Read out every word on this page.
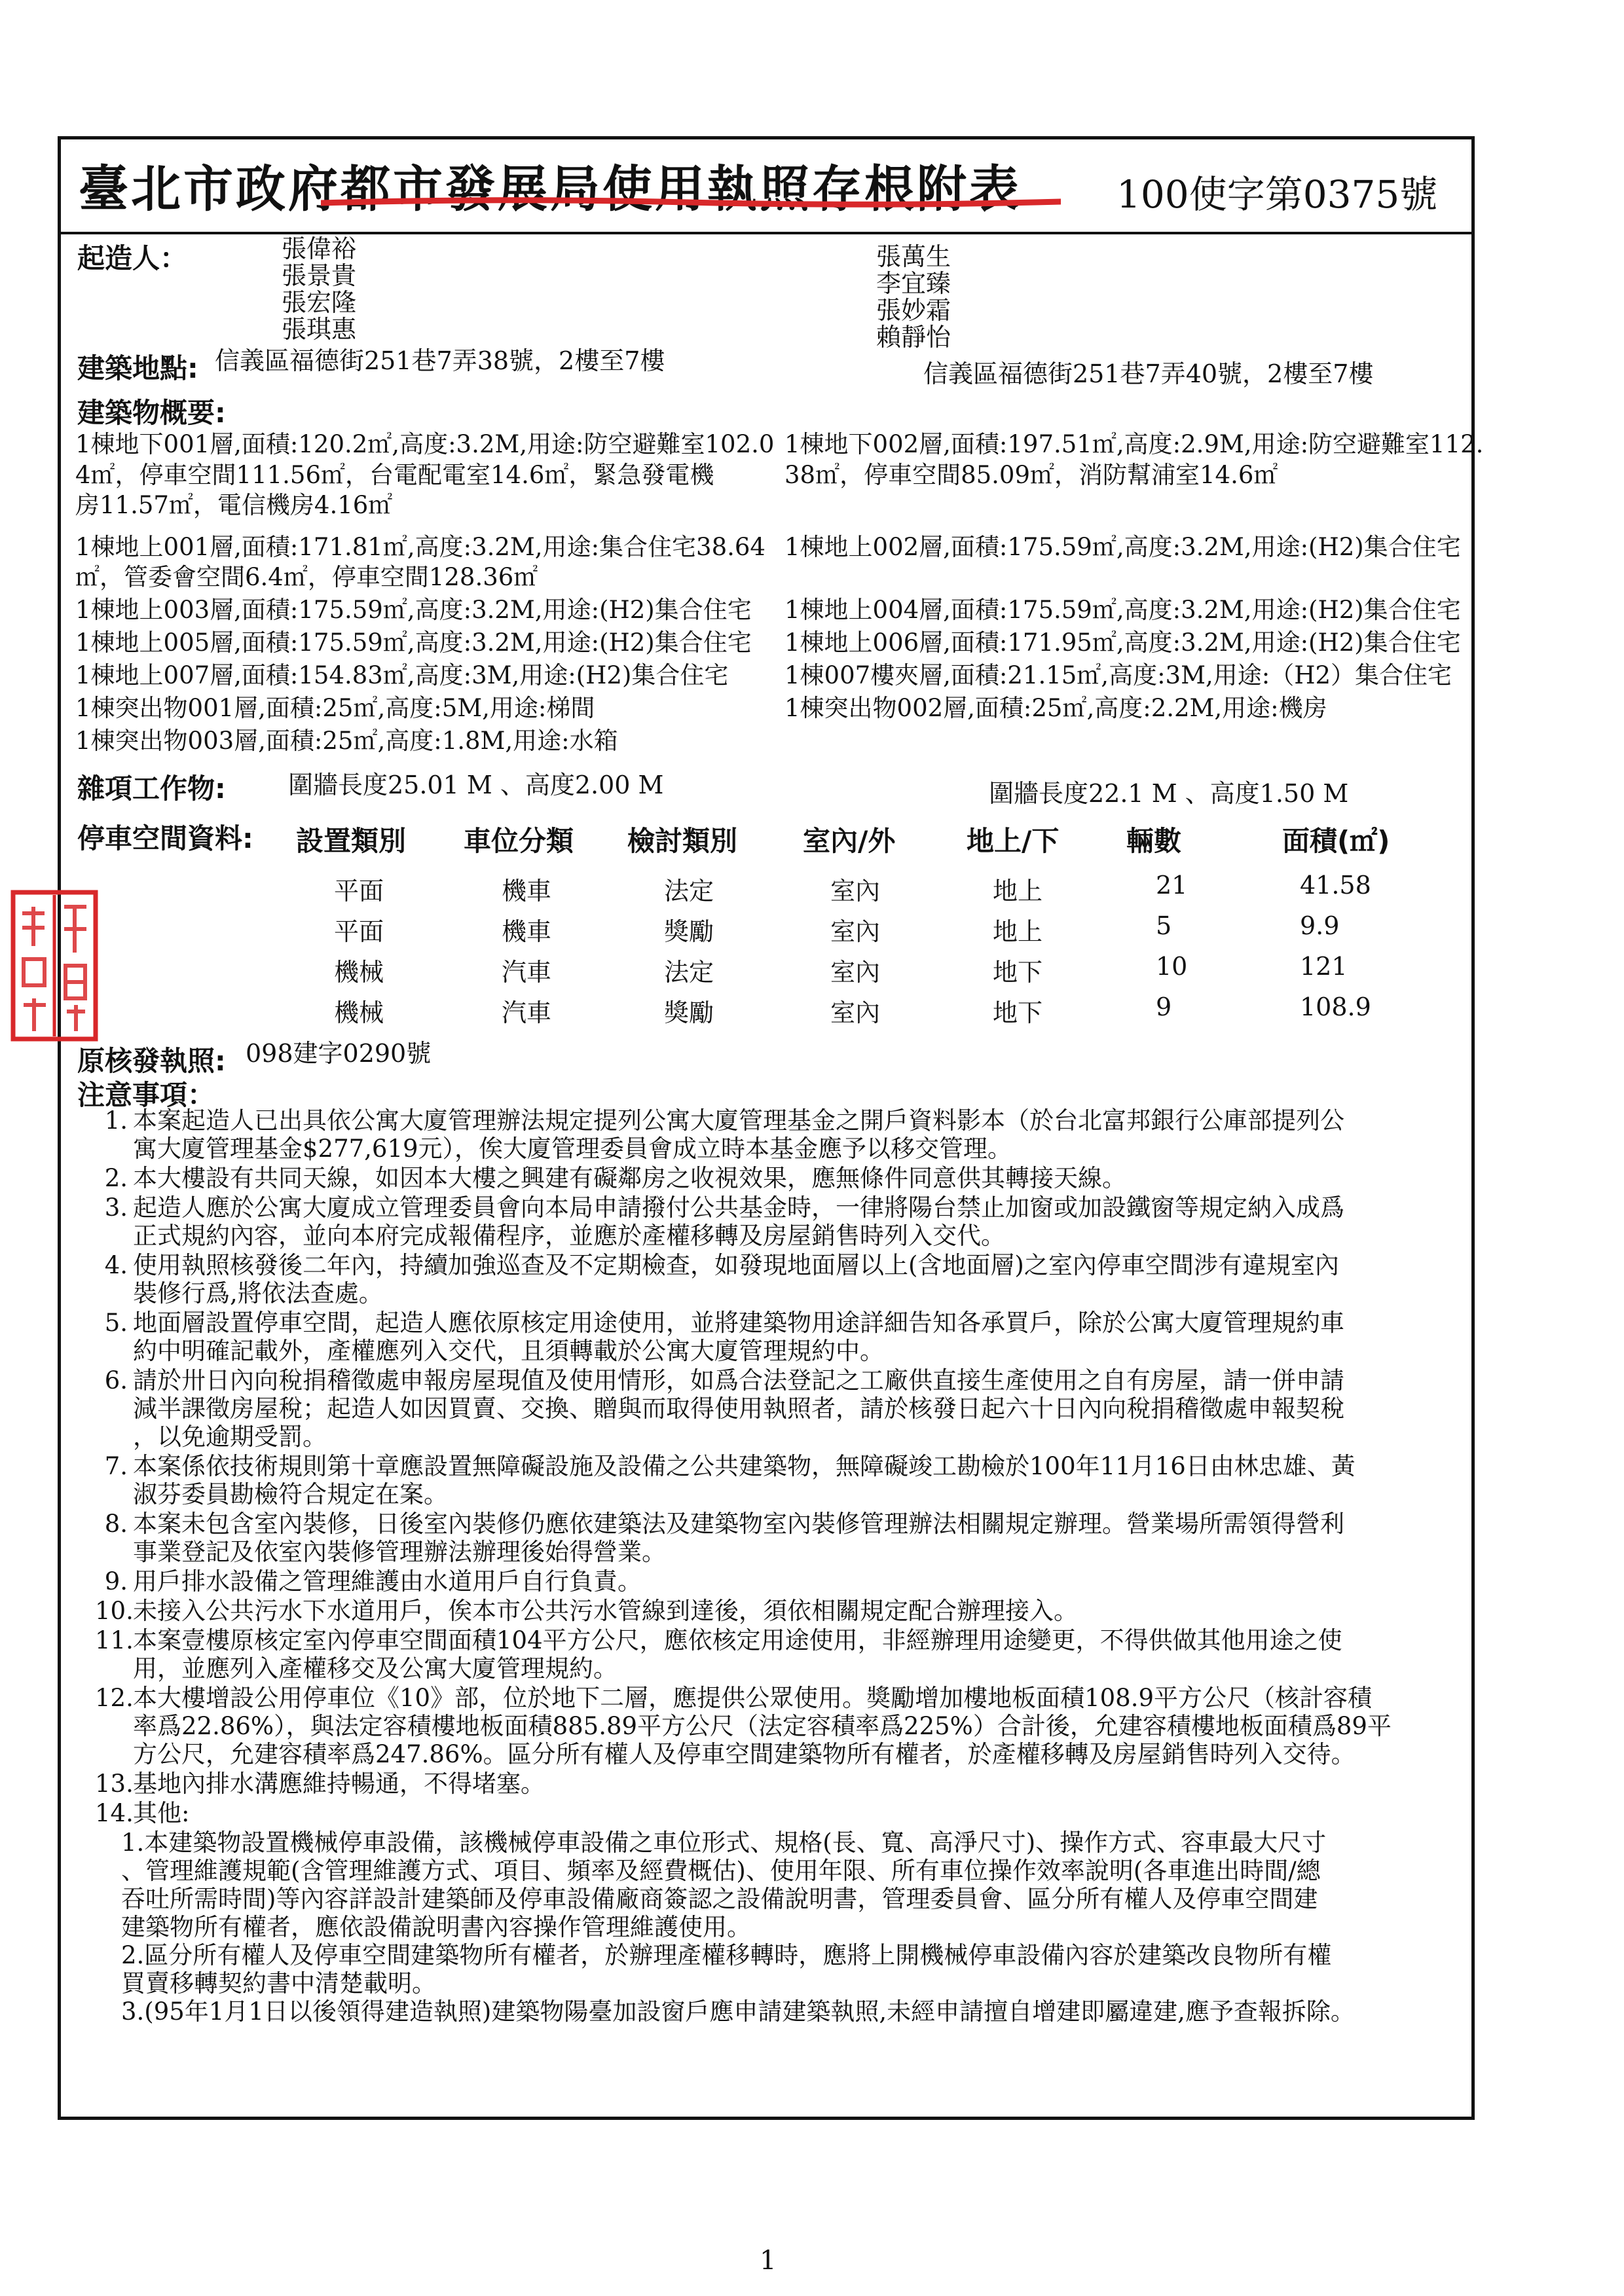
臺北市政府都市發展局使用執照存根附表	100使字第0375號
起造人：	張偉裕
張景貴
張宏隆
張琪惠
張萬生
李宜臻
張妙霜
賴靜怡
建築地點: 信義區福德街251巷7弄38號，2樓至7樓	信義區福德街251巷7弄40號，2樓至7樓
建築物概要:
1棟地下001層,面積:120.2㎡,高度:3.2M,用途:防空避難室102.0
4㎡，停車空間111.56㎡，台電配電室14.6㎡，緊急發電機
房11.57㎡，電信機房4.16㎡
1棟地上001層,面積:171.81㎡,高度:3.2M,用途:集合住宅38.64
㎡，管委會空間6.4㎡，停車空間128.36㎡
1棟地上003層,面積:175.59㎡,高度:3.2M,用途:(H2)集合住宅
1棟地上005層,面積:175.59㎡,高度:3.2M,用途:(H2)集合住宅
1棟地上007層,面積:154.83㎡,高度:3M,用途:(H2)集合住宅
1棟突出物001層,面積:25㎡,高度:5M,用途:梯間
1棟突出物003層,面積:25㎡,高度:1.8M,用途:水箱
1棟地下002層,面積:197.51㎡,高度:2.9M,用途:防空避難室112.
38㎡，停車空間85.09㎡，消防幫浦室14.6㎡
1棟地上002層,面積:175.59㎡,高度:3.2M,用途:(H2)集合住宅
1棟地上004層,面積:175.59㎡,高度:3.2M,用途:(H2)集合住宅
1棟地上006層,面積:171.95㎡,高度:3.2M,用途:(H2)集合住宅
1棟007樓夾層,面積:21.15㎡,高度:3M,用途:（H2）集合住宅
1棟突出物002層,面積:25㎡,高度:2.2M,用途:機房
雜項工作物:	圍牆長度25.01 M 、高度2.00 M	圍牆長度22.1 M 、高度1.50 M
停車空間資料: 設置類別 車位分類 檢討類別 室內/外	地上/下 輛數	面積(㎡)
平面	機車	法定	室內	地上	21	41.58
平面	機車	獎勵	室內	地上	5	9.9
機械	汽車	法定	室內	地下	10	121
機械	汽車	獎勵	室內	地下	9	108.9
原核發執照: 098建字0290號
注意事項：
1. 本案起造人已出具依公寓大廈管理辦法規定提列公寓大廈管理基金之開戶資料影本（於台北富邦銀行公庫部提列公
寓大廈管理基金$277,619元），俟大廈管理委員會成立時本基金應予以移交管理。
2. 本大樓設有共同天線，如因本大樓之興建有礙鄰房之收視效果，應無條件同意供其轉接天線。
3. 起造人應於公寓大廈成立管理委員會向本局申請撥付公共基金時，一律將陽台禁止加窗或加設鐵窗等規定納入成爲
正式規約內容，並向本府完成報備程序，並應於產權移轉及房屋銷售時列入交代。
4. 使用執照核發後二年內，持續加強巡查及不定期檢查，如發現地面層以上(含地面層)之室內停車空間涉有違規室內
裝修行爲,將依法查處。
5. 地面層設置停車空間，起造人應依原核定用途使用，並將建築物用途詳細告知各承買戶，除於公寓大廈管理規約車
約中明確記載外，產權應列入交代，且須轉載於公寓大廈管理規約中。
6. 請於卅日內向稅捐稽徵處申報房屋現值及使用情形，如爲合法登記之工廠供直接生產使用之自有房屋，請一併申請
減半課徵房屋稅；起造人如因買賣、交換、贈與而取得使用執照者，請於核發日起六十日內向稅捐稽徵處申報契稅
，以免逾期受罰。
7. 本案係依技術規則第十章應設置無障礙設施及設備之公共建築物，無障礙竣工勘檢於100年11月16日由林忠雄、黃
淑芬委員勘檢符合規定在案。
8. 本案未包含室內裝修，日後室內裝修仍應依建築法及建築物室內裝修管理辦法相關規定辦理。營業場所需領得營利
事業登記及依室內裝修管理辦法辦理後始得營業。
9. 用戶排水設備之管理維護由水道用戶自行負責。
10. 未接入公共污水下水道用戶，俟本市公共污水管線到達後，須依相關規定配合辦理接入。
11. 本案壹樓原核定室內停車空間面積104平方公尺，應依核定用途使用，非經辦理用途變更，不得供做其他用途之使
用，並應列入產權移交及公寓大廈管理規約。
12. 本大樓增設公用停車位《10》部，位於地下二層，應提供公眾使用。獎勵增加樓地板面積108.9平方公尺（核計容積
率爲22.86%），與法定容積樓地板面積885.89平方公尺（法定容積率爲225%）合計後，允建容積樓地板面積爲89平
方公尺，允建容積率爲247.86%。區分所有權人及停車空間建築物所有權者，於產權移轉及房屋銷售時列入交待。
13. 基地內排水溝應維持暢通，不得堵塞。
14. 其他:
1.本建築物設置機械停車設備，該機械停車設備之車位形式、規格(長、寬、高淨尺寸)、操作方式、容車最大尺寸
、管理維護規範(含管理維護方式、項目、頻率及經費概估)、使用年限、所有車位操作效率說明(各車進出時間/總
吞吐所需時間)等內容詳設計建築師及停車設備廠商簽認之設備說明書，管理委員會、區分所有權人及停車空間建
建築物所有權者，應依設備說明書內容操作管理維護使用。
2.區分所有權人及停車空間建築物所有權者，於辦理產權移轉時，應將上開機械停車設備內容於建築改良物所有權
買賣移轉契約書中清楚載明。
3.(95年1月1日以後領得建造執照)建築物陽臺加設窗戶應申請建築執照,未經申請擅自增建即屬違建,應予查報拆除。
1
